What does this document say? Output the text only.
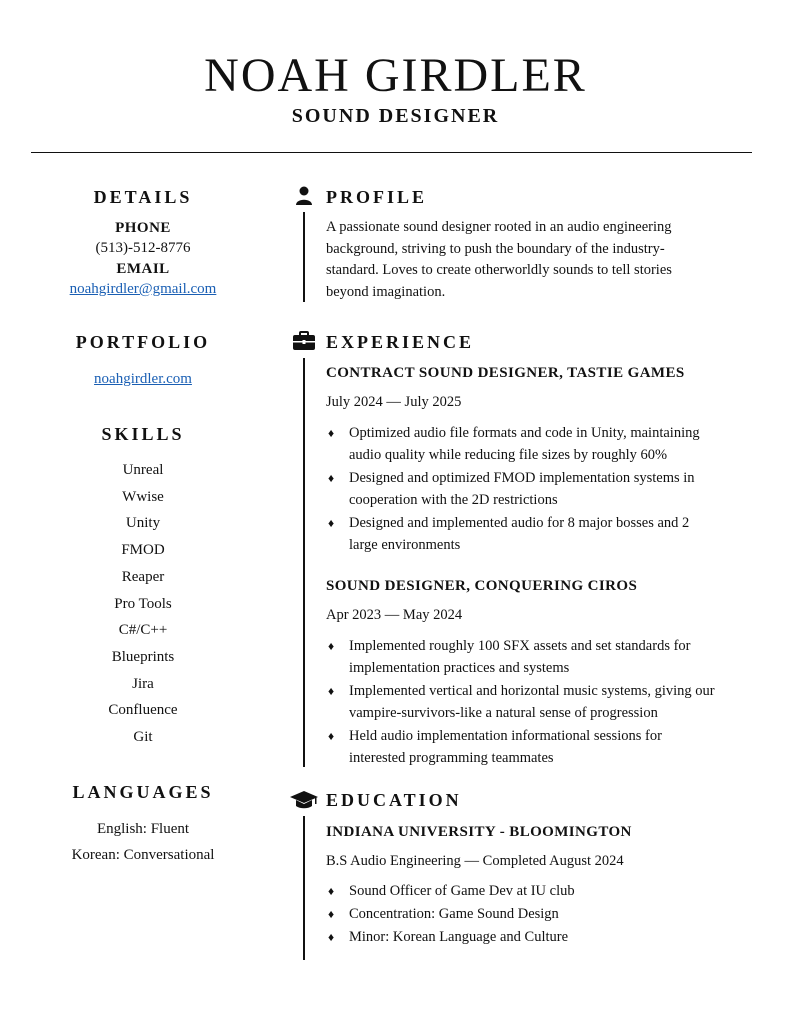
NOAH GIRDLER
SOUND DESIGNER
DETAILS
PHONE
(513)-512-8776
EMAIL
noahgirdler@gmail.com
PORTFOLIO
noahgirdler.com
SKILLS
Unreal
Wwise
Unity
FMOD
Reaper
Pro Tools
C#/C++
Blueprints
Jira
Confluence
Git
LANGUAGES
English: Fluent
Korean: Conversational
PROFILE
A passionate sound designer rooted in an audio engineering
background, striving to push the boundary of the industry-
standard. Loves to create otherworldly sounds to tell stories
beyond imagination.
EXPERIENCE
CONTRACT SOUND DESIGNER, TASTIE GAMES
July 2024 — July 2025
♦ Optimized audio file formats and code in Unity, maintaining
audio quality while reducing file sizes by roughly 60%
♦ Designed and optimized FMOD implementation systems in
cooperation with the 2D restrictions
♦ Designed and implemented audio for 8 major bosses and 2
large environments
SOUND DESIGNER, CONQUERING CIROS
Apr 2023 — May 2024
♦ Implemented roughly 100 SFX assets and set standards for
implementation practices and systems
♦ Implemented vertical and horizontal music systems, giving our
vampire-survivors-like a natural sense of progression
♦ Held audio implementation informational sessions for
interested programming teammates
EDUCATION
INDIANA UNIVERSITY - BLOOMINGTON
B.S Audio Engineering — Completed August 2024
♦ Sound Officer of Game Dev at IU club
♦ Concentration: Game Sound Design
♦ Minor: Korean Language and Culture
